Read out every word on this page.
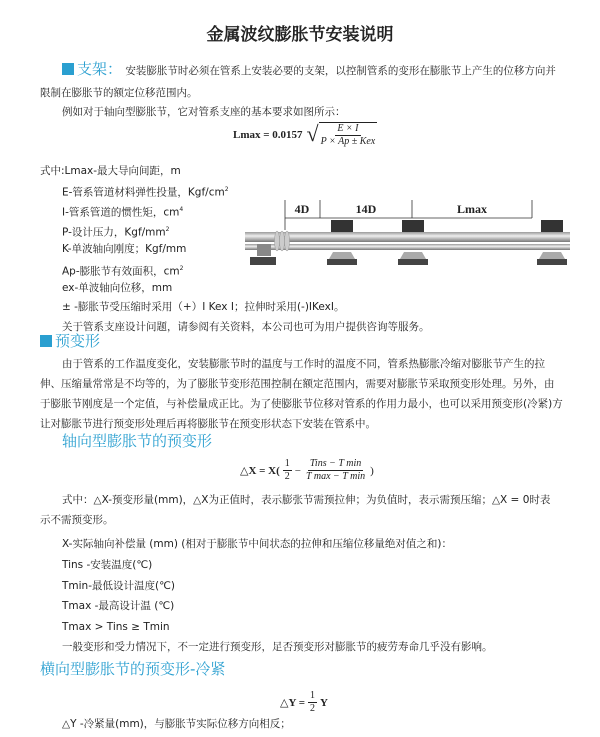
金属波纹膨胀节安装说明
支架： 安装膨胀节时必须在管系上安装必要的支架，以控制管系的变形在膨胀节上产生的位移方向并
限制在膨胀节的额定位移范围内。
例如对于轴向型膨胀节，它对管系支座的基本要求如图所示：
Lmax = 0.0157 √ $\frac{E \times I}{\text{P × Ap ± Kex}}$
式中:Lmax-最大导向间距，m
E-管系管道材料弹性投量，Kgf/$cm^2$
I-管系管道的惯性矩，$cm^4$
P-设计压力，Kgf/$mm^2$
K-单波轴向刚度；Kgf/mm
Ap-膨胀节有效面积，$cm^2$
ex-单波轴向位移，mm
± -膨胀节受压缩时采用（+）I Kex I；拉伸时采用(-)IKexI。
关于管系支座设计问题，请参阅有关资料，本公司也可为用户提供咨询等服务。
4D	14D	Lmax
预变形
由于管系的工作温度变化，安装膨胀节时的温度与工作时的温度不同，管系热膨胀冷缩对膨胀节产生的拉
伸、压缩量常常是不均等的，为了膨胀节变形范围控制在额定范围内，需要对膨胀节采取预变形处理。另外，由
于膨胀节刚度是一个定值，与补偿量成正比。为了使膨胀节位移对管系的作用力最小，也可以采用预变形(冷紧)方
让对膨胀节进行预变形处理后再将膨胀节在预变形状态下安装在管系中。
轴向型膨胀节的预变形
△X = $X( \frac{1}{2} - \frac{\text{Tins − T min}}{\text{T max − T min}}$ )
式中：△X-预变形量(mm)，△X为正值时，表示膨张节需预拉伸；为负值时，表示需预压缩；△X = 0时表
示不需预变形。
X-实际轴向补偿量 (mm) (相对于膨胀节中间状态的拉伸和压缩位移量绝对值之和)：
Tins -安装温度(℃)
Tmin-最低设计温度(℃)
Tmax -最高设计温 (℃)
Tmax > Tins ≥ Tmin
一般变形和受力情况下，不一定进行预变形，足否预变形对膨胀节的疲劳寿命几乎没有影响。
横向型膨胀节的预变形-冷紧
△Y = $\frac{1}{2}$ Y
△Y -冷紧量(mm)，与膨胀节实际位移方向相反；
